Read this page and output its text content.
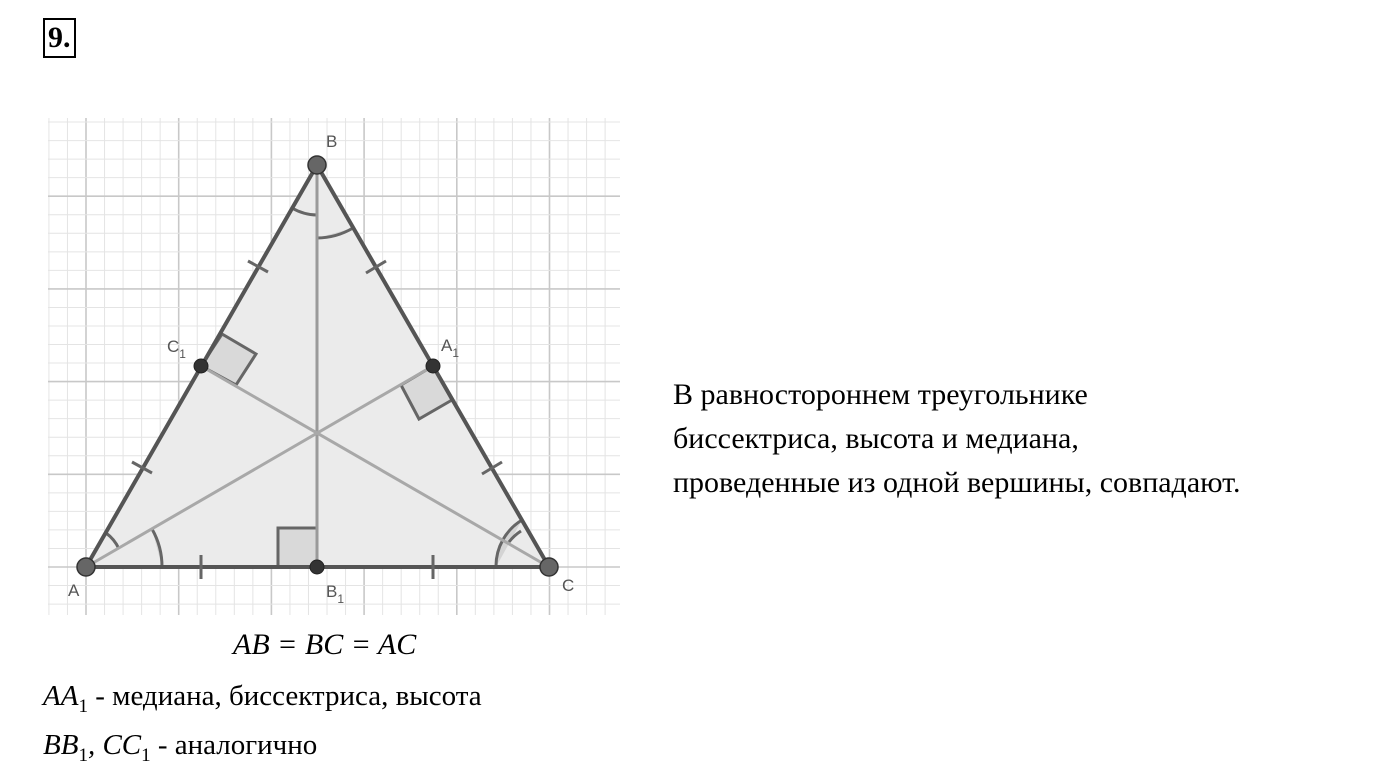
9.
A
B
C
$A_1$
$B_1$
$C_1$
AB = BC = AC
$AA_1$ - медиана, биссектриса, высота
$BB_1$, $CC_1$ - аналогично
В равностороннем треугольнике
биссектриса, высота и медиана,
проведенные из одной вершины, совпадают.
